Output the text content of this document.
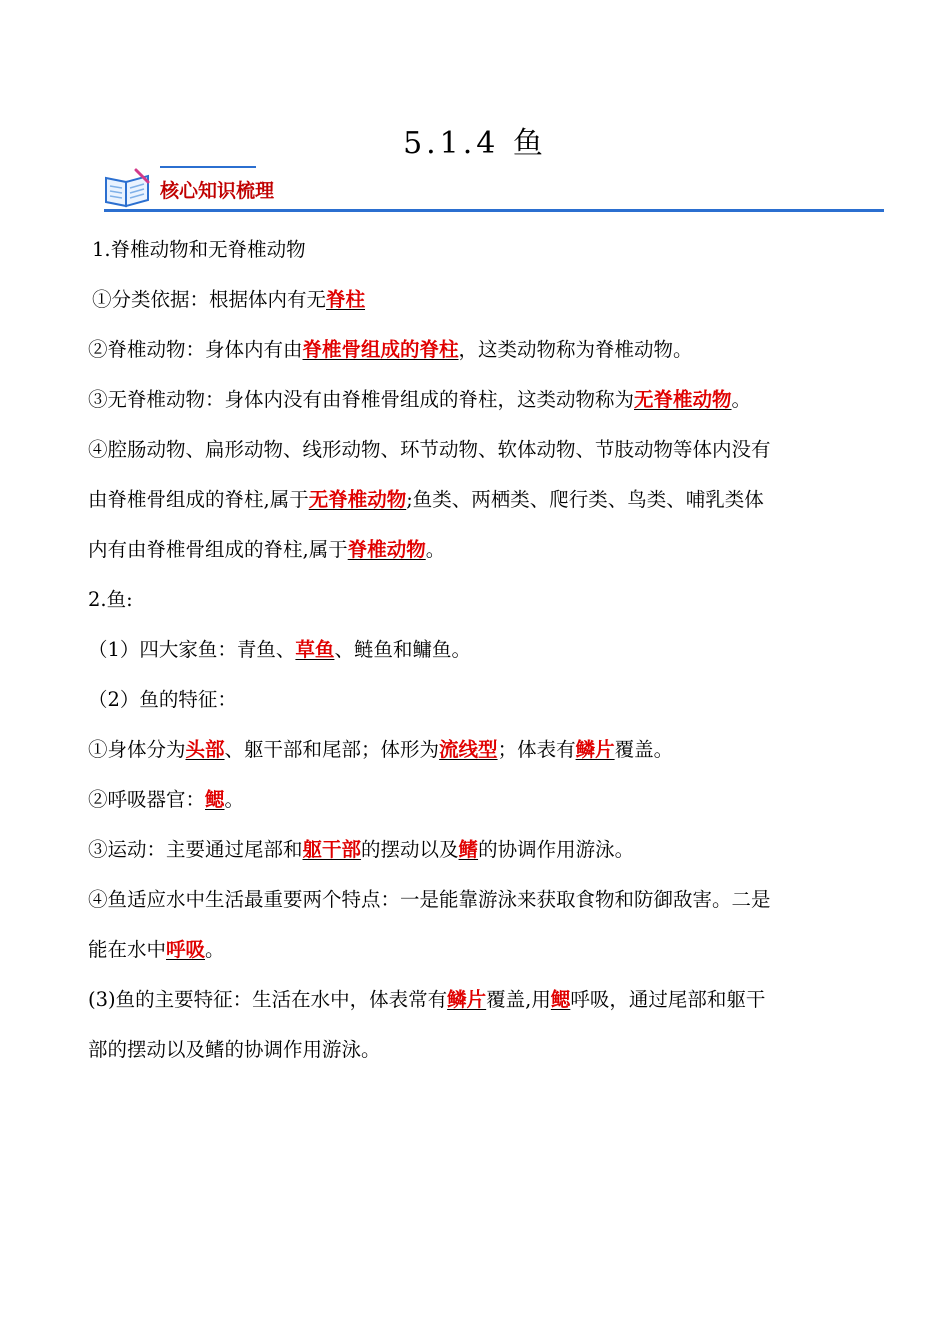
5.1.4 鱼
核心知识梳理
1.脊椎动物和无脊椎动物
①分类依据：根据体内有无脊柱
②脊椎动物：身体内有由脊椎骨组成的脊柱，这类动物称为脊椎动物。
③无脊椎动物：身体内没有由脊椎骨组成的脊柱，这类动物称为无脊椎动物。
④腔肠动物、扁形动物、线形动物、环节动物、软体动物、节肢动物等体内没有
由脊椎骨组成的脊柱,属于无脊椎动物;鱼类、两栖类、爬行类、鸟类、哺乳类体
内有由脊椎骨组成的脊柱,属于脊椎动物。
2.鱼:
（1）四大家鱼：青鱼、草鱼、鲢鱼和鳙鱼。
（2）鱼的特征：
①身体分为头部、躯干部和尾部；体形为流线型；体表有鳞片覆盖。
②呼吸器官：鳃。
③运动：主要通过尾部和躯干部的摆动以及鳍的协调作用游泳。
④鱼适应水中生活最重要两个特点：一是能靠游泳来获取食物和防御敌害。二是
能在水中呼吸。
(3)鱼的主要特征：生活在水中，体表常有鳞片覆盖,用鳃呼吸，通过尾部和躯干
部的摆动以及鳍的协调作用游泳。
